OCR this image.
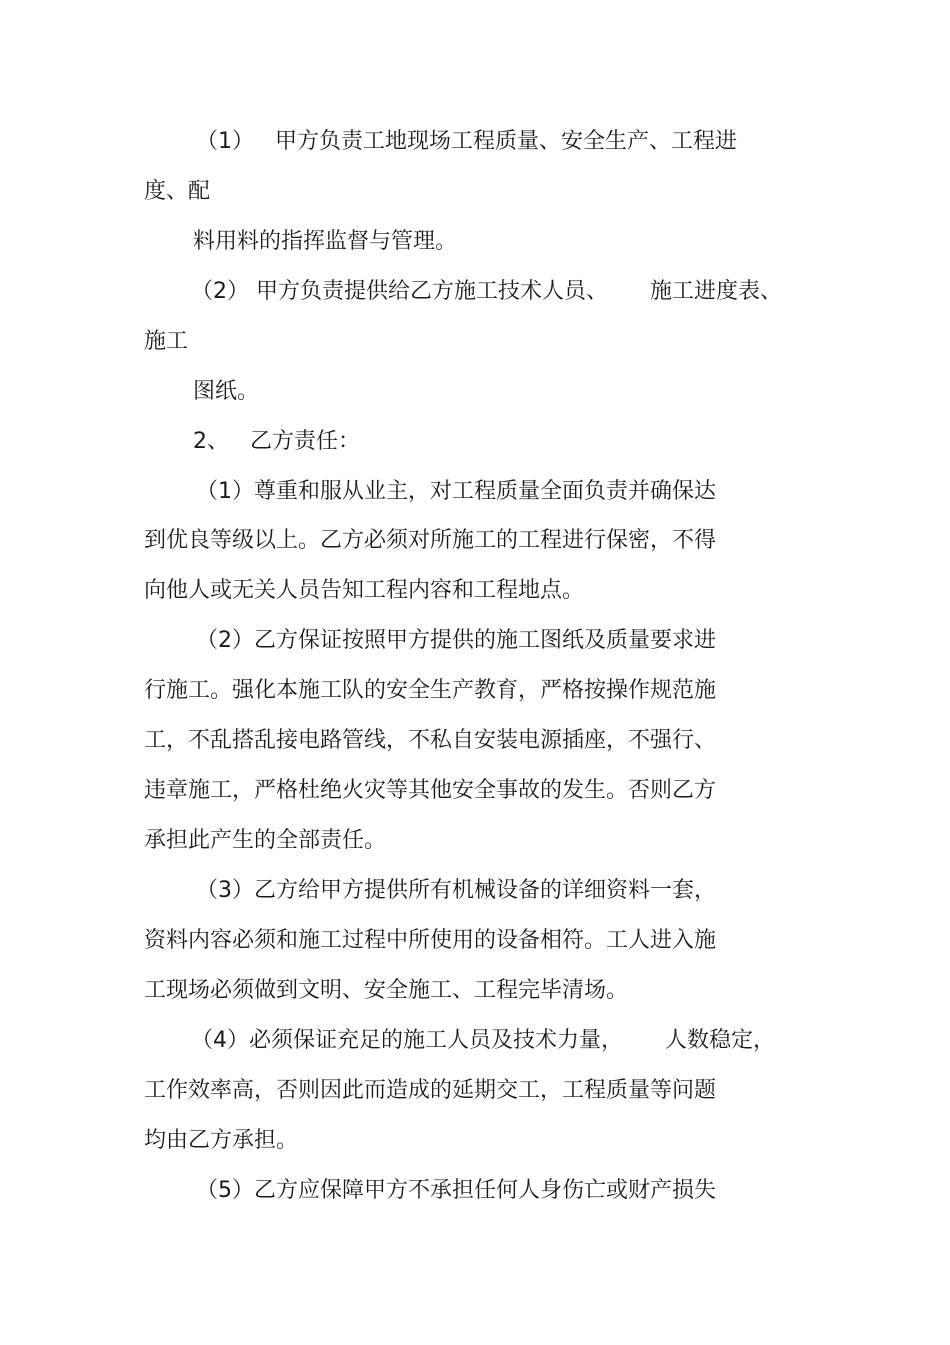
（1）   甲方负责工地现场工程质量、安全生产、工程进
度、配
料用料的指挥监督与管理。
（2） 甲方负责提供给乙方施工技术人员、      施工进度表、
施工
图纸。
2、   乙方责任：
（1）尊重和服从业主，对工程质量全面负责并确保达
到优良等级以上。乙方必须对所施工的工程进行保密，不得
向他人或无关人员告知工程内容和工程地点。
（2）乙方保证按照甲方提供的施工图纸及质量要求进
行施工。强化本施工队的安全生产教育，严格按操作规范施
工，不乱搭乱接电路管线，不私自安装电源插座，不强行、
违章施工，严格杜绝火灾等其他安全事故的发生。否则乙方
承担此产生的全部责任。
（3）乙方给甲方提供所有机械设备的详细资料一套，
资料内容必须和施工过程中所使用的设备相符。工人进入施
工现场必须做到文明、安全施工、工程完毕清场。
（4）必须保证充足的施工人员及技术力量，      人数稳定，
工作效率高，否则因此而造成的延期交工，工程质量等问题
均由乙方承担。
（5）乙方应保障甲方不承担任何人身伤亡或财产损失
